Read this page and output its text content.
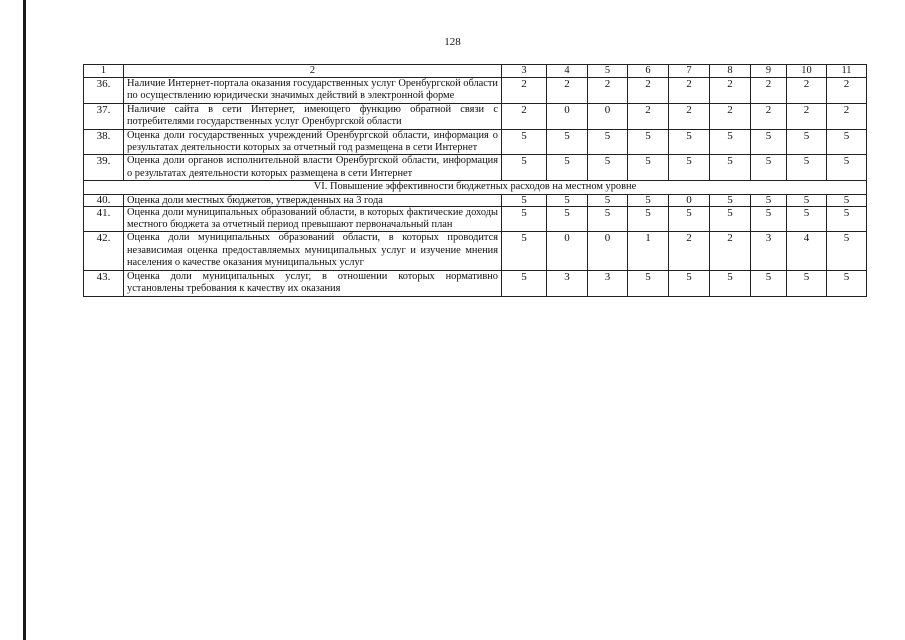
128
1	2	3	4	5	6	7	8	9	10	11
36.	Наличие Интернет-портала оказания государственных услуг Оренбургской области по осуществлению юридически значимых действий в электронной форме	2	2	2	2	2	2	2	2	2
37.	Наличие сайта в сети Интернет, имеющего функцию обратной связи с потребителями государственных услуг Оренбургской области	2	0	0	2	2	2	2	2	2
38.	Оценка доли государственных учреждений Оренбургской области, информация о результатах деятельности которых за отчетный год размещена в сети Интернет	5	5	5	5	5	5	5	5	5
39.	Оценка доли органов исполнительной власти Оренбургской области, информация о результатах деятельности которых размещена в сети Интернет	5	5	5	5	5	5	5	5	5
VI. Повышение эффективности бюджетных расходов на местном уровне										
40.	Оценка доли местных бюджетов, утвержденных на 3 года	5	5	5	5	0	5	5	5	5
41.	Оценка доли муниципальных образований области, в которых фактические доходы местного бюджета за отчетный период превышают первоначальный план	5	5	5	5	5	5	5	5	5
42.	Оценка доли муниципальных образований области, в которых проводится независимая оценка предоставляемых муниципальных услуг и изучение мнения населения о качестве оказания муниципальных услуг	5	0	0	1	2	2	3	4	5
43.	Оценка доли муниципальных услуг, в отношении которых нормативно установлены требования к качеству их оказания	5	3	3	5	5	5	5	5	5
